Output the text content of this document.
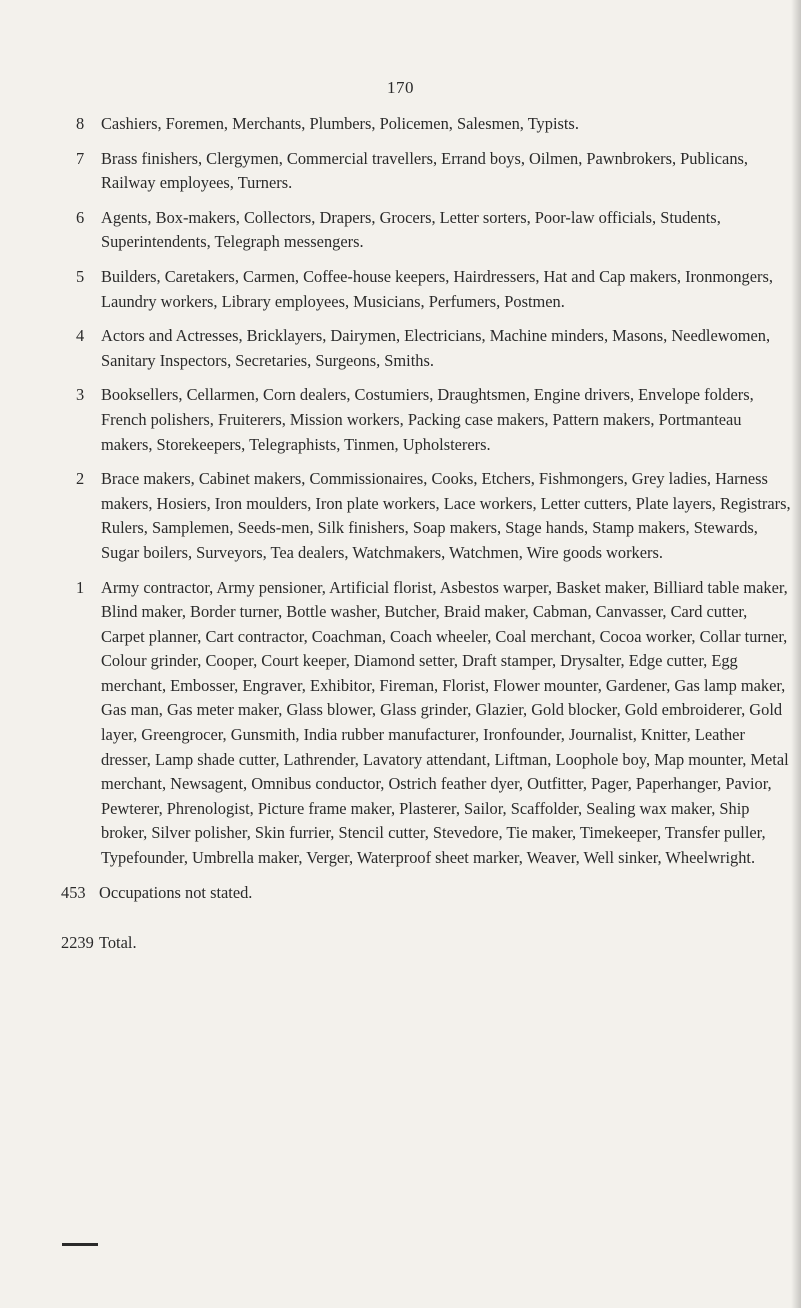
170
8	Cashiers, Foremen, Merchants, Plumbers, Policemen, Salesmen, Typists.
7	Brass finishers, Clergymen, Commercial travellers, Errand boys, Oilmen, Pawnbrokers, Publicans, Railway employees, Turners.
6	Agents, Box-makers, Collectors, Drapers, Grocers, Letter sorters, Poor-law officials, Students, Superintendents, Telegraph messengers.
5	Builders, Caretakers, Carmen, Coffee-house keepers, Hairdressers, Hat and Cap makers, Ironmongers, Laundry workers, Library employees, Musicians, Perfumers, Postmen.
4	Actors and Actresses, Bricklayers, Dairymen, Electricians, Machine minders, Masons, Needlewomen, Sanitary Inspectors, Secretaries, Surgeons, Smiths.
3	Booksellers, Cellarmen, Corn dealers, Costumiers, Draughtsmen, Engine drivers, Envelope folders, French polishers, Fruiterers, Mission workers, Packing case makers, Pattern makers, Portmanteau makers, Storekeepers, Telegraphists, Tinmen, Upholsterers.
2	Brace makers, Cabinet makers, Commissionaires, Cooks, Etchers, Fishmongers, Grey ladies, Harness makers, Hosiers, Iron moulders, Iron plate workers, Lace workers, Letter cutters, Plate layers, Registrars, Rulers, Samplemen, Seeds-men, Silk finishers, Soap makers, Stage hands, Stamp makers, Stewards, Sugar boilers, Surveyors, Tea dealers, Watchmakers, Watchmen, Wire goods workers.
1	Army contractor, Army pensioner, Artificial florist, Asbestos warper, Basket maker, Billiard table maker, Blind maker, Border turner, Bottle washer, Butcher, Braid maker, Cabman, Canvasser, Card cutter, Carpet planner, Cart contractor, Coachman, Coach wheeler, Coal merchant, Cocoa worker, Collar turner, Colour grinder, Cooper, Court keeper, Diamond setter, Draft stamper, Drysalter, Edge cutter, Egg merchant, Embosser, Engraver, Exhibitor, Fireman, Florist, Flower mounter, Gardener, Gas lamp maker, Gas man, Gas meter maker, Glass blower, Glass grinder, Glazier, Gold blocker, Gold embroiderer, Gold layer, Greengrocer, Gunsmith, India rubber manufacturer, Ironfounder, Journalist, Knitter, Leather dresser, Lamp shade cutter, Lathrender, Lavatory attendant, Liftman, Loophole boy, Map mounter, Metal merchant, Newsagent, Omnibus conductor, Ostrich feather dyer, Outfitter, Pager, Paperhanger, Pavior, Pewterer, Phrenologist, Picture frame maker, Plasterer, Sailor, Scaffolder, Sealing wax maker, Ship broker, Silver polisher, Skin furrier, Stencil cutter, Stevedore, Tie maker, Timekeeper, Transfer puller, Typefounder, Umbrella maker, Verger, Waterproof sheet marker, Weaver, Well sinker, Wheelwright.
453 Occupations not stated.
2239 Total.
